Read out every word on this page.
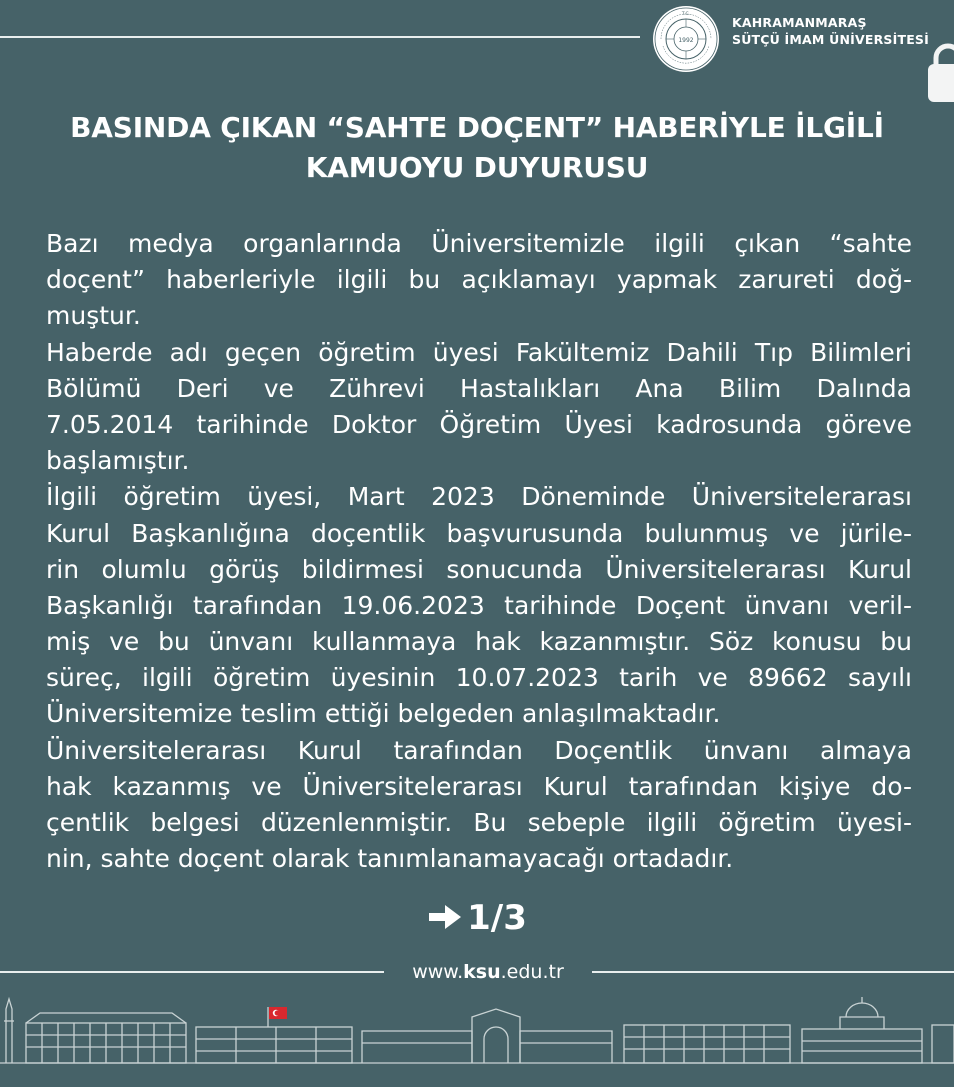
1992
T.C.
KAHRAMANMARAŞ
SÜTÇÜ İMAM ÜNİVERSİTESİ
BASINDA ÇIKAN “SAHTE DOÇENT” HABERİYLE İLGİLİ
KAMUOYU DUYURUSU
Bazı medya organlarında Üniversitemizle ilgili çıkan “sahte
doçent” haberleriyle ilgili bu açıklamayı yapmak zarureti doğ-
muştur.
Haberde adı geçen öğretim üyesi Fakültemiz Dahili Tıp Bilimleri
Bölümü Deri ve Zührevi Hastalıkları Ana Bilim Dalında
7.05.2014 tarihinde Doktor Öğretim Üyesi kadrosunda göreve
başlamıştır.
İlgili öğretim üyesi, Mart 2023 Döneminde Üniversitelerarası
Kurul Başkanlığına doçentlik başvurusunda bulunmuş ve jürile-
rin olumlu görüş bildirmesi sonucunda Üniversitelerarası Kurul
Başkanlığı tarafından 19.06.2023 tarihinde Doçent ünvanı veril-
miş ve bu ünvanı kullanmaya hak kazanmıştır. Söz konusu bu
süreç, ilgili öğretim üyesinin 10.07.2023 tarih ve 89662 sayılı
Üniversitemize teslim ettiği belgeden anlaşılmaktadır.
Üniversitelerarası Kurul tarafından Doçentlik ünvanı almaya
hak kazanmış ve Üniversitelerarası Kurul tarafından kişiye do-
çentlik belgesi düzenlenmiştir. Bu sebeple ilgili öğretim üyesi-
nin, sahte doçent olarak tanımlanamayacağı ortadadır.
1/3
www.ksu.edu.tr
